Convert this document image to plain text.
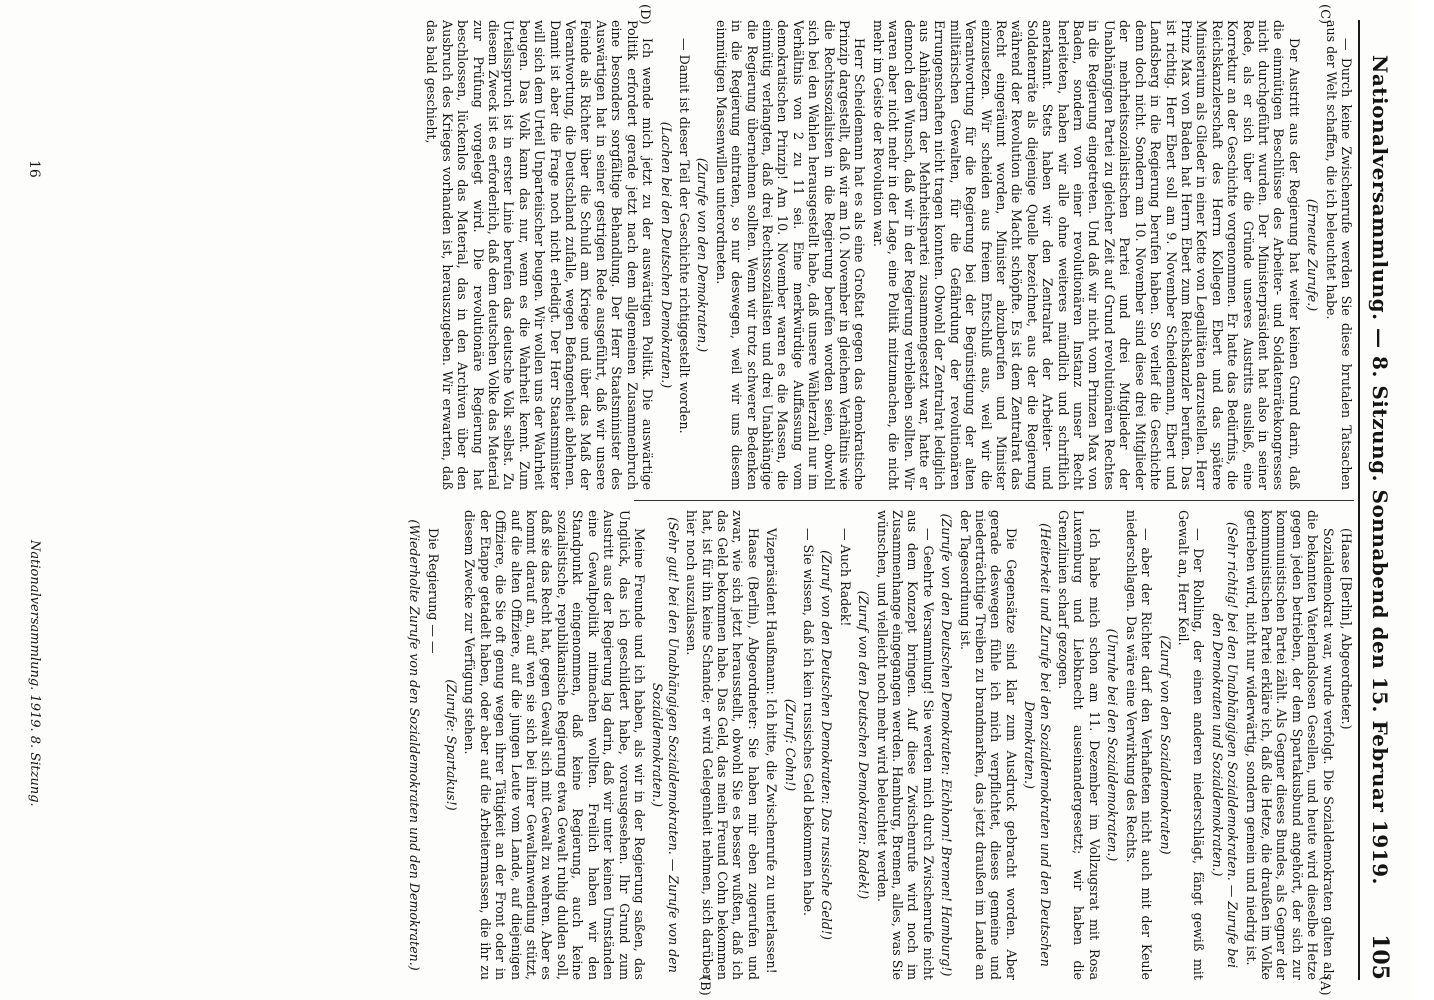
Nationalversammlung. — 8. Sitzung. Sonnabend den 15. Februar 1919.
105
(C)
(D)
(A)
(B)

— Durch keine Zwischenrufe werden Sie diese brutalen Tatsachen aus der Welt schaffen, die ich beleuchtet habe.

(Erneute Zurufe.)

Der Austritt aus der Regierung hat weiter keinen Grund darin, daß die einmütigen Beschlüsse des Arbeiter- und Soldatenrätekongresses nicht durchgeführt wurden. Der Ministerpräsident hat also in seiner Rede, als er sich über die Gründe unseres Austritts ausließ, eine Korrektur an der Geschichte vorgenommen. Er hatte das Bedürfnis, die Reichskanzlerschaft des Herrn Kollegen Ebert und das spätere Ministerium als Glieder in einer Kette von Legalitäten darzustellen. Herr Prinz Max von Baden hat Herrn Ebert zum Reichskanzler berufen. Das ist richtig. Herr Ebert soll am 9. November Scheidemann, Ebert und Landsberg in die Regierung berufen haben. So verlief die Geschichte denn doch nicht. Sondern am 10. November sind diese drei Mitglieder der mehrheitssozialistischen Partei und drei Mitglieder der Unabhängigen Partei zu gleicher Zeit auf Grund revolutionären Rechtes in die Regierung eingetreten. Und daß wir nicht vom Prinzen Max von Baden, sondern von einer revolutionären Instanz unser Recht herleiteten, haben wir alle ohne weiteres mündlich und schriftlich anerkannt. Stets haben wir den Zentralrat der Arbeiter- und Soldatenräte als diejenige Quelle bezeichnet, aus der die Regierung während der Revolution die Macht schöpfte. Es ist dem Zentralrat das Recht eingeräumt worden, Minister abzuberufen und Minister einzusetzen. Wir scheiden aus freiem Entschluß aus, weil wir die Verantwortung für die Regierung bei der Begünstigung der alten militärischen Gewalten, für die Gefährdung der revolutionären Errungenschaften nicht tragen konnten. Obwohl der Zentralrat lediglich aus Anhängern der Mehrheitspartei zusammengesetzt war, hatte er dennoch den Wunsch, daß wir in der Regierung verbleiben sollten. Wir waren aber nicht mehr in der Lage, eine Politik mitzumachen, die nicht mehr im Geiste der Revolution war.

Herr Scheidemann hat es als eine Großtat gegen das demokratische Prinzip dargestellt, daß wir am 10. November in gleichem Verhältnis wie die Rechtssozialisten in die Regierung berufen worden seien, obwohl sich bei den Wahlen herausgestellt habe, daß unsere Wählerzahl nur im Verhältnis von 2 zu 11 sei. Eine merkwürdige Auffassung vom demokratischen Prinzip! Am 10. November waren es die Massen, die einmütig verlangten, daß drei Rechtssozialisten und drei Unabhängige die Regierung übernehmen sollten. Wenn wir trotz schwerer Bedenken in die Regierung eintraten, so nur deswegen, weil wir uns diesem einmütigen Massenwillen unterordneten.

(Zurufe von den Demokraten.)

— Damit ist dieser Teil der Geschichte richtiggestellt worden.

(Lachen bei den Deutschen Demokraten.)

Ich wende mich jetzt zu der auswärtigen Politik. Die auswärtige Politik erfordert gerade jetzt nach dem allgemeinen Zusammenbruch eine besonders sorgfältige Behandlung. Der Herr Staatsminister des Auswärtigen hat in seiner gestrigen Rede ausgeführt, daß wir unsere Feinde als Richter über die Schuld am Kriege und über das Maß der Verantwortung, die Deutschland zufalle, wegen Befangenheit ablehnen. Damit ist aber die Frage noch nicht erledigt. Der Herr Staatsminister will sich dem Urteil Unparteiischer beugen. Wir wollen uns der Wahrheit beugen. Das Volk kann das nur, wenn es die Wahrheit kennt. Zum Urteilsspruch ist in erster Linie berufen das deutsche Volk selbst. Zu diesem Zweck ist es erforderlich, daß dem deutschen Volke das Material zur Prüfung vorgelegt wird. Die revolutionäre Regierung hat beschlossen, lückenlos das Material, das in den Archiven über den Ausbruch des Krieges vorhanden ist, herauszugeben. Wir erwarten, daß das bald geschieht,

(Haase [Berlin], Abgeordneter.)

Sozialdemokrat war, wurde verfolgt. Die Sozialdemokraten galten als die bekannten Vaterlandslosen Gesellen, und heute wird dieselbe Hetze gegen jeden betrieben, der dem Spartakusbund angehört, der sich zur kommunistischen Partei zählt. Als Gegner dieses Bundes, als Gegner der kommunistischen Partei erkläre ich, daß die Hetze, die draußen im Volke getrieben wird, nicht nur widerwärtig, sondern gemein und niedrig ist.

(Sehr richtig! bei den Unabhängigen Sozialdemokraten. — Zurufe bei den Demokraten und Sozialdemokraten.)

— Der Rohling, der einen anderen niederschlägt, fängt gewiß mit Gewalt an, Herr Keil.

(Zuruf von den Sozialdemokraten)

— aber der Richter darf den Verhafteten nicht auch mit der Keule niederschlagen. Das wäre eine Verwirkung des Rechts.

(Unruhe bei den Sozialdemokraten.)

Ich habe mich schon am 11. Dezember im Vollzugsrat mit Rosa Luxemburg und Liebknecht auseinandergesetzt; wir haben die Grenzlinien scharf gezogen.

(Heiterkeit und Zurufe bei den Sozialdemokraten und den Deutschen Demokraten.)

Die Gegensätze sind klar zum Ausdruck gebracht worden. Aber gerade deswegen fühle ich mich verpflichtet, dieses gemeine und niederträchtige Treiben zu brandmarken, das jetzt draußen im Lande an der Tagesordnung ist.

(Zurufe von den Deutschen Demokraten: Eichhorn! Bremen! Hamburg!)

— Geehrte Versammlung! Sie werden mich durch Zwischenrufe nicht aus dem Konzept bringen. Auf diese Zwischenrufe wird noch im Zusammenhange eingegangen werden. Hamburg, Bremen, alles, was Sie wünschen, und vielleicht noch mehr wird beleuchtet werden.

(Zuruf von den Deutschen Demokraten: Radek!)

— Auch Radek!

(Zuruf von den Deutschen Demokraten: Das russische Geld!)

— Sie wissen, daß ich kein russisches Geld bekommen habe.

(Zuruf: Cohn!)

Vizepräsident Haußmann: Ich bitte, die Zwischenrufe zu unterlassen!

Haase (Berlin), Abgeordneter: Sie haben mir eben zugerufen und zwar, wie sich jetzt herausstellt, obwohl Sie es besser wußten, daß ich das Geld bekommen habe. Das Geld, das mein Freund Cohn bekommen hat, ist für ihn keine Schande; er wird Gelegenheit nehmen, sich darüber hier noch auszulassen.

(Sehr gut! bei den Unabhängigen Sozialdemokraten. — Zurufe von den Sozialdemokraten.)

Meine Freunde und ich haben, als wir in der Regierung saßen, das Unglück, das ich geschildert habe, vorausgesehen. Ihr Grund zum Austritt aus der Regierung lag darin, daß wir unter keinen Umständen eine Gewaltpolitik mitmachen wollten. Freilich haben wir den Standpunkt eingenommen, daß keine Regierung, auch keine sozialistische, republikanische Regierung etwa Gewalt ruhig dulden soll, daß sie das Recht hat, gegen Gewalt sich mit Gewalt zu wehren. Aber es kommt darauf an, auf wen sie sich bei ihrer Gewaltanwendung stützt, auf die alten Offiziere, auf die jungen Leute vom Lande, auf diejenigen Offiziere, die Sie oft genug wegen ihrer Tätigkeit an der Front oder in der Etappe getadelt haben, oder aber auf die Arbeitermassen, die ihr zu diesem Zwecke zur Verfügung stehen.

(Zurufe: Spartakus!)

Die Regierung — —

(Wiederholte Zurufe von den Sozialdemokraten und den Demokraten.)

Nationalversammlung. 1919. 8. Sitzung.
16
